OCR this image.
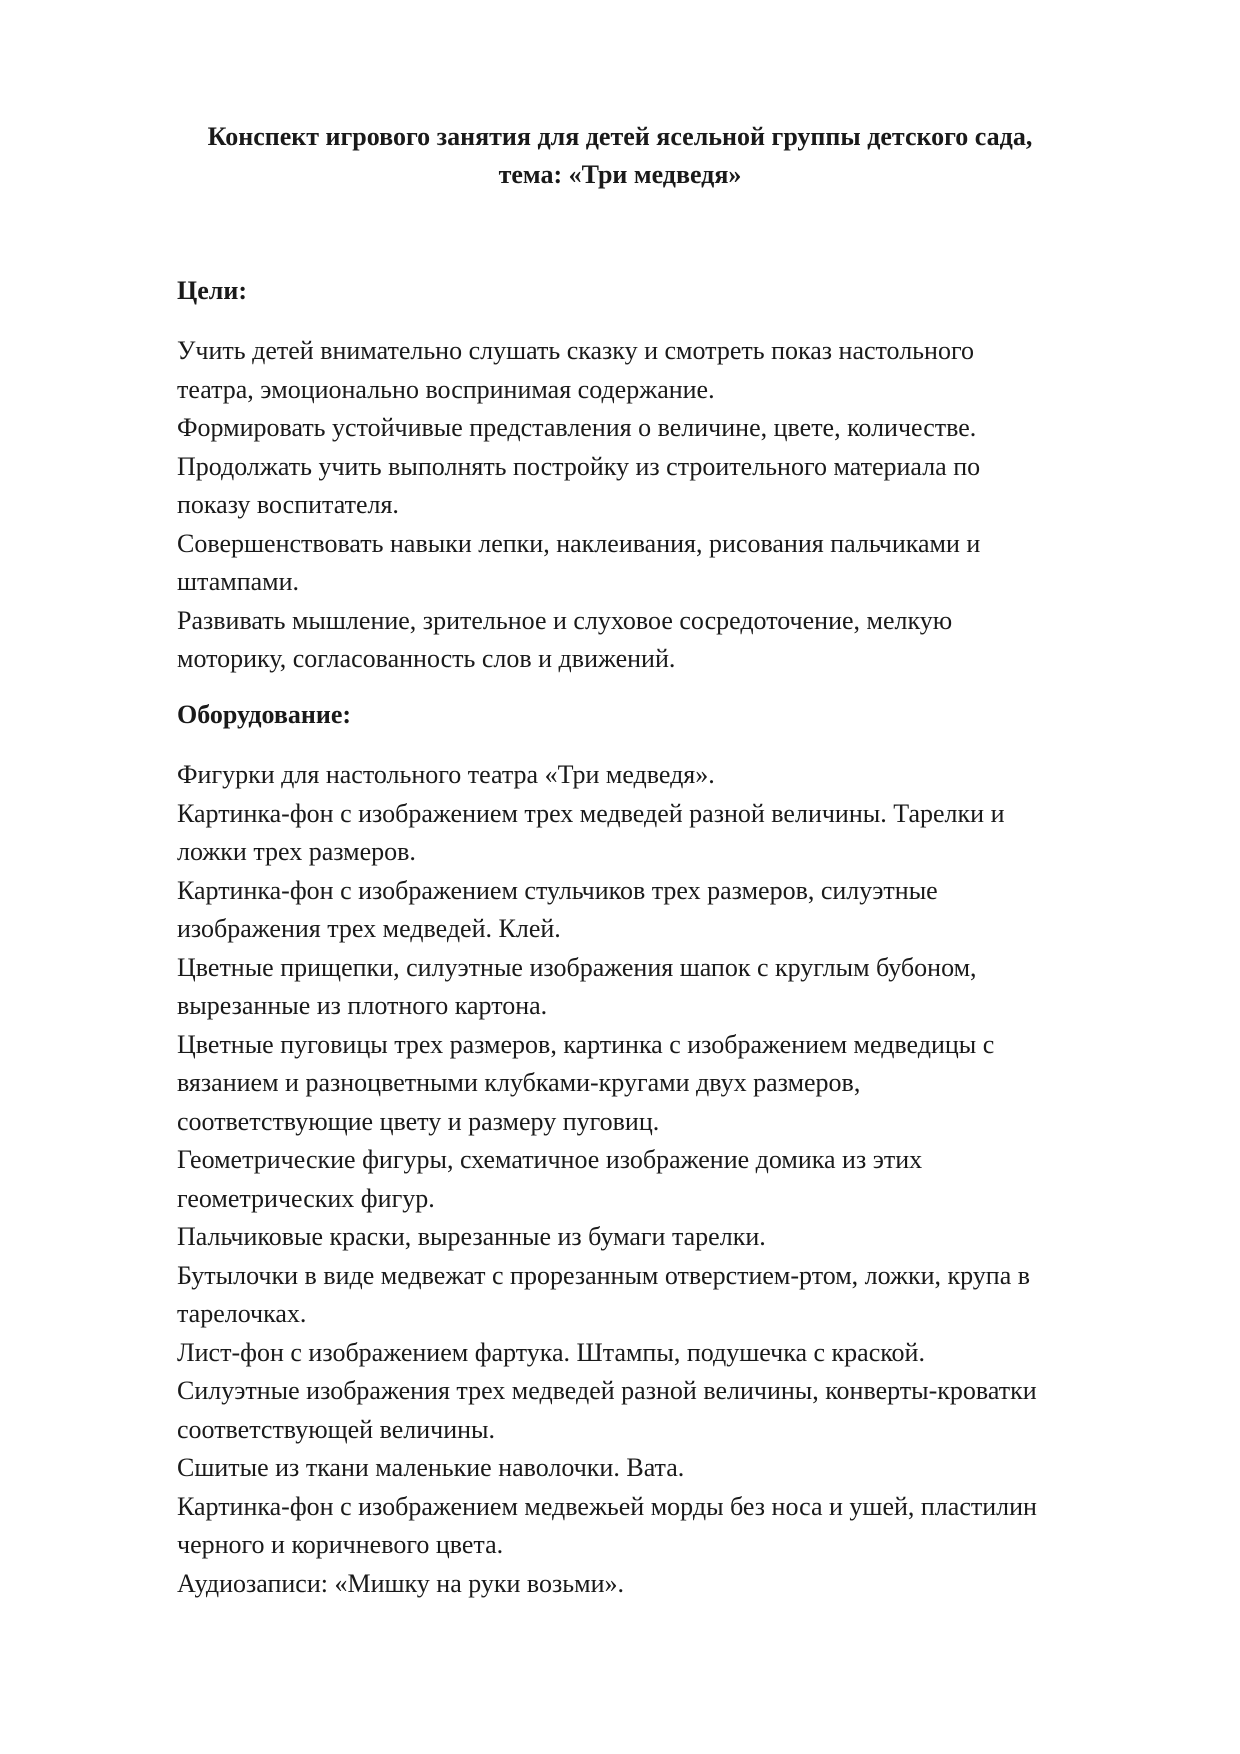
Конспект игрового занятия для детей ясельной группы детского сада,
тема: «Три медведя»
Цели:

Учить детей внимательно слушать сказку и смотреть показ настольного
театра, эмоционально воспринимая содержание.

Формировать устойчивые представления о величине, цвете, количестве.

Продолжать учить выполнять постройку из строительного материала по
показу воспитателя.

Совершенствовать навыки лепки, наклеивания, рисования пальчиками и
штампами.

Развивать мышление, зрительное и слуховое сосредоточение, мелкую
моторику, согласованность слов и движений.

Оборудование:

Фигурки для настольного театра «Три медведя».

Картинка-фон с изображением трех медведей разной величины. Тарелки и
ложки трех размеров.

Картинка-фон с изображением стульчиков трех размеров, силуэтные
изображения трех медведей. Клей.

Цветные прищепки, силуэтные изображения шапок с круглым бубоном,
вырезанные из плотного картона.

Цветные пуговицы трех размеров, картинка с изображением медведицы с
вязанием и разноцветными клубками-кругами двух размеров,
соответствующие цвету и размеру пуговиц.

Геометрические фигуры, схематичное изображение домика из этих
геометрических фигур.

Пальчиковые краски, вырезанные из бумаги тарелки.

Бутылочки в виде медвежат с прорезанным отверстием-ртом, ложки, крупа в
тарелочках.

Лист-фон с изображением фартука. Штампы, подушечка с краской.

Силуэтные изображения трех медведей разной величины, конверты-кроватки
соответствующей величины.

Сшитые из ткани маленькие наволочки. Вата.

Картинка-фон с изображением медвежьей морды без носа и ушей, пластилин
черного и коричневого цвета.

Аудиозаписи: «Мишку на руки возьми».
